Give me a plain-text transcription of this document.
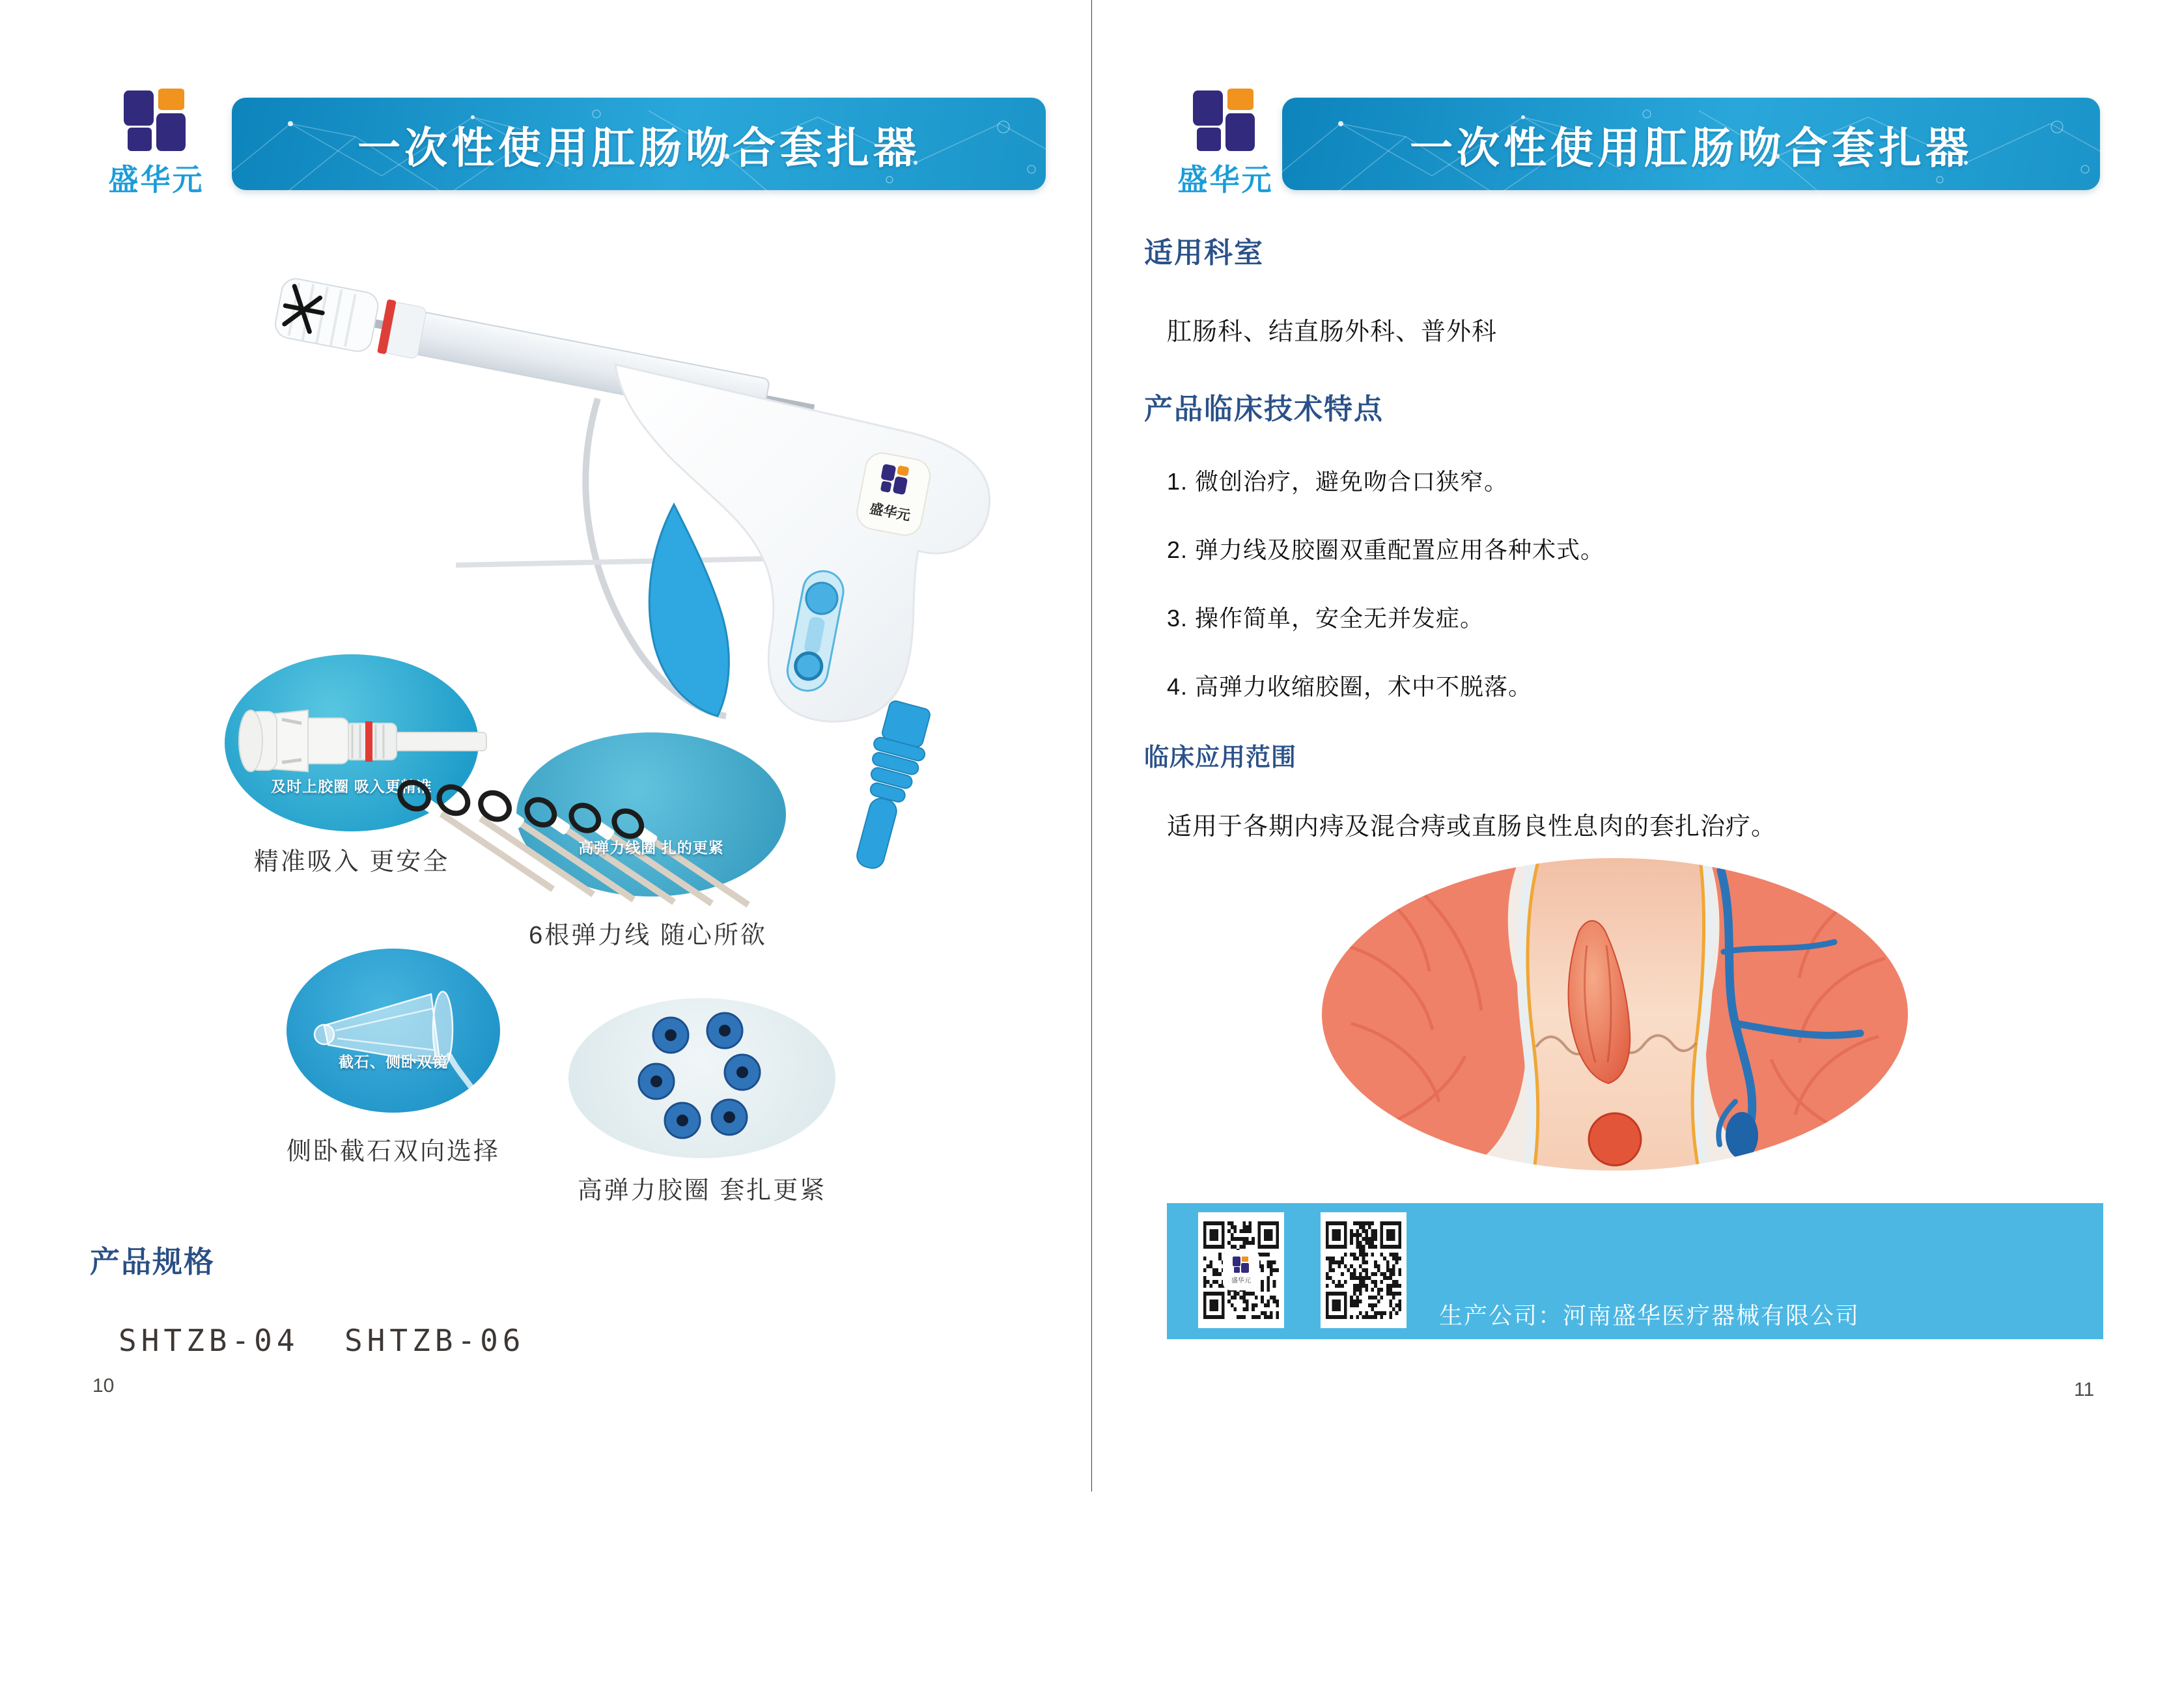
盛华元
一次性使用肛肠吻合套扎器
盛华元
及时上胶圈 吸入更精准
精准吸入 更安全
高弹力线圈 扎的更紧
6根弹力线 随心所欲
截石、侧卧双镜
侧卧截石双向选择
高弹力胶圈 套扎更紧
产品规格
SHTZB-04  SHTZB-06
10
盛华元
一次性使用肛肠吻合套扎器
适用科室
肛肠科、结直肠外科、普外科
产品临床技术特点
1. 微创治疗，避免吻合口狭窄。
2. 弹力线及胶圈双重配置应用各种术式。
3. 操作简单，安全无并发症。
4. 高弹力收缩胶圈，术中不脱落。
临床应用范围
适用于各期内痔及混合痔或直肠良性息肉的套扎治疗。
盛华元

生产公司：河南盛华医疗器械有限公司

电 话 ：  0373-8711186

地 址：河南省长垣市魏庄工业园区华豫大道西侧

11
